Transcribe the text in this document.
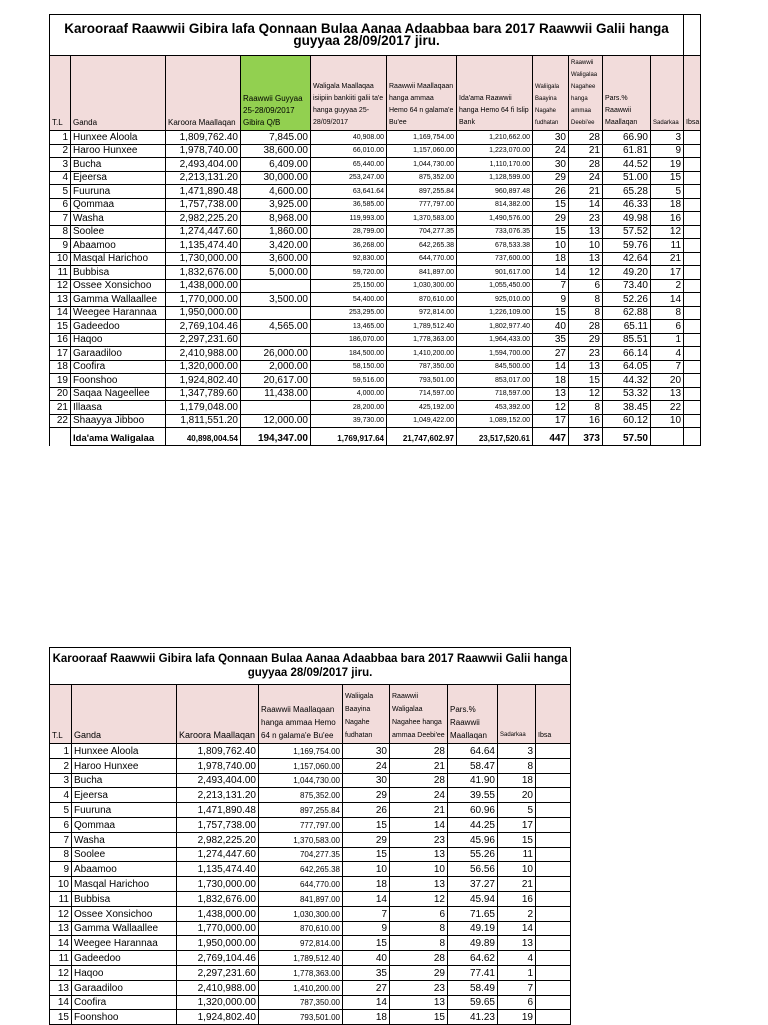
Karooraaf Raawwii Gibira lafa Qonnaan Bulaa Aanaa Adaabbaa bara 2017 Raawwii Galii hanga guyyaa 28/09/2017 jiru.											
T.L	Ganda	Karoora Maallaqan	Raawwii Guyyaa 25-28/09/2017 Gibira Q/B	Waligala Maallaqaa isiipiin bankiiti galii ta'e hanga guyyaa 25-28/09/2017	Raawwii Maallaqaan hanga ammaa Hemo 64 n galama'e Bu'ee	Ida'ama Raawwii hanga Hemo 64 fi Islip Bank	Waliigala Baayina Nagahe fudhatan	Raawwii Waligalaa Nagahee hanga ammaa Deebi'ee	Pars.% Raawwii Maallaqan	Sadarkaa	Ibsa
1	Hunxee Aloola	1,809,762.40	7,845.00	40,908.00	1,169,754.00	1,210,662.00	30	28	66.90	3	
2	Haroo Hunxee	1,978,740.00	38,600.00	66,010.00	1,157,060.00	1,223,070.00	24	21	61.81	9	
3	Bucha	2,493,404.00	6,409.00	65,440.00	1,044,730.00	1,110,170.00	30	28	44.52	19	
4	Ejeersa	2,213,131.20	30,000.00	253,247.00	875,352.00	1,128,599.00	29	24	51.00	15	
5	Fuuruna	1,471,890.48	4,600.00	63,641.64	897,255.84	960,897.48	26	21	65.28	5	
6	Qommaa	1,757,738.00	3,925.00	36,585.00	777,797.00	814,382.00	15	14	46.33	18	
7	Washa	2,982,225.20	8,968.00	119,993.00	1,370,583.00	1,490,576.00	29	23	49.98	16	
8	Soolee	1,274,447.60	1,860.00	28,799.00	704,277.35	733,076.35	15	13	57.52	12	
9	Abaamoo	1,135,474.40	3,420.00	36,268.00	642,265.38	678,533.38	10	10	59.76	11	
10	Masqal Harichoo	1,730,000.00	3,600.00	92,830.00	644,770.00	737,600.00	18	13	42.64	21	
11	Bubbisa	1,832,676.00	5,000.00	59,720.00	841,897.00	901,617.00	14	12	49.20	17	
12	Ossee Xonsichoo	1,438,000.00		25,150.00	1,030,300.00	1,055,450.00	7	6	73.40	2	
13	Gamma Wallaallee	1,770,000.00	3,500.00	54,400.00	870,610.00	925,010.00	9	8	52.26	14	
14	Weegee Harannaa	1,950,000.00		253,295.00	972,814.00	1,226,109.00	15	8	62.88	8	
15	Gadeedoo	2,769,104.46	4,565.00	13,465.00	1,789,512.40	1,802,977.40	40	28	65.11	6	
16	Haqoo	2,297,231.60		186,070.00	1,778,363.00	1,964,433.00	35	29	85.51	1	
17	Garaadiloo	2,410,988.00	26,000.00	184,500.00	1,410,200.00	1,594,700.00	27	23	66.14	4	
18	Coofira	1,320,000.00	2,000.00	58,150.00	787,350.00	845,500.00	14	13	64.05	7	
19	Foonshoo	1,924,802.40	20,617.00	59,516.00	793,501.00	853,017.00	18	15	44.32	20	
20	Saqaa Nageellee	1,347,789.60	11,438.00	4,000.00	714,597.00	718,597.00	13	12	53.32	13	
21	Illaasa	1,179,048.00		28,200.00	425,192.00	453,392.00	12	8	38.45	22	
22	Shaayya Jibboo	1,811,551.20	12,000.00	39,730.00	1,049,422.00	1,089,152.00	17	16	60.12	10	
	Ida'ama Waligalaa	40,898,004.54	194,347.00	1,769,917.64	21,747,602.97	23,517,520.61	447	373	57.50		
Karooraaf Raawwii Gibira lafa Qonnaan Bulaa Aanaa Adaabbaa bara 2017 Raawwii Galii hanga guyyaa 28/09/2017 jiru.								
T.L	Ganda	Karoora Maallaqan	Raawwii Maallaqaan hanga ammaa Hemo 64 n galama'e Bu'ee	Waliigala Baayina Nagahe fudhatan	Raawwii Waligalaa Nagahee hanga ammaa Deebi'ee	Pars.% Raawwii Maallaqan	Sadarkaa	Ibsa
1	Hunxee Aloola	1,809,762.40	1,169,754.00	30	28	64.64	3	
2	Haroo Hunxee	1,978,740.00	1,157,060.00	24	21	58.47	8	
3	Bucha	2,493,404.00	1,044,730.00	30	28	41.90	18	
4	Ejeersa	2,213,131.20	875,352.00	29	24	39.55	20	
5	Fuuruna	1,471,890.48	897,255.84	26	21	60.96	5	
6	Qommaa	1,757,738.00	777,797.00	15	14	44.25	17	
7	Washa	2,982,225.20	1,370,583.00	29	23	45.96	15	
8	Soolee	1,274,447.60	704,277.35	15	13	55.26	11	
9	Abaamoo	1,135,474.40	642,265.38	10	10	56.56	10	
10	Masqal Harichoo	1,730,000.00	644,770.00	18	13	37.27	21	
11	Bubbisa	1,832,676.00	841,897.00	14	12	45.94	16	
12	Ossee Xonsichoo	1,438,000.00	1,030,300.00	7	6	71.65	2	
13	Gamma Wallaallee	1,770,000.00	870,610.00	9	8	49.19	14	
14	Weegee Harannaa	1,950,000.00	972,814.00	15	8	49.89	13	
11	Gadeedoo	2,769,104.46	1,789,512.40	40	28	64.62	4	
12	Haqoo	2,297,231.60	1,778,363.00	35	29	77.41	1	
13	Garaadiloo	2,410,988.00	1,410,200.00	27	23	58.49	7	
14	Coofira	1,320,000.00	787,350.00	14	13	59.65	6	
15	Foonshoo	1,924,802.40	793,501.00	18	15	41.23	19	
